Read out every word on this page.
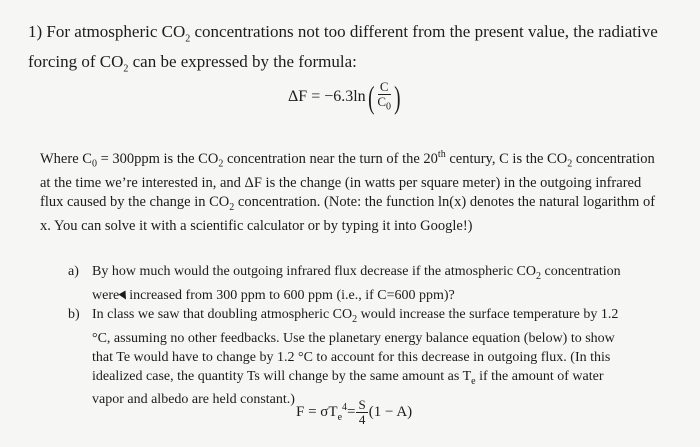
1) For atmospheric $CO_2$ concentrations not too different from the present value, the radiative forcing of $CO_2$ can be expressed by the formula:
ΔF = −6.3ln ( $\frac{C}{C_0}$ )
Where $C_0 = 300ppm$ is the $CO_2$ concentration near the turn of the 20th century, C is the $CO_2$ concentration at the time we’re interested in, and ΔF is the change (in watts per square meter) in the outgoing infrared flux caused by the change in $CO_2$ concentration. (Note: the function ln(x) denotes the natural logarithm of x. You can solve it with a scientific calculator or by typing it into Google!)
a) By how much would the outgoing infrared flux decrease if the atmospheric $CO_2$ concentration were increased from 300 ppm to 600 ppm (i.e., if C=600 ppm)?
b) In class we saw that doubling atmospheric $CO_2$ would increase the surface temperature by 1.2 °C, assuming no other feedbacks. Use the planetary energy balance equation (below) to show that Te would have to change by 1.2 °C to account for this decrease in outgoing flux. (In this idealized case, the quantity Ts will change by the same amount as $T_e$ if the amount of water vapor and albedo are held constant.)
$F = \sigma T_e^4 = \frac{S}{4} (1 - A)$
